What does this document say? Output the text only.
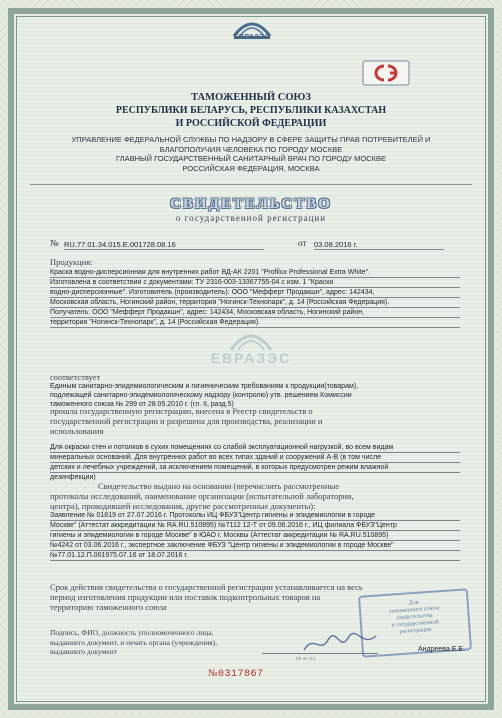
ЕВРАЗЭС
ТАМОЖЕННЫЙ СОЮЗ
РЕСПУБЛИКИ БЕЛАРУСЬ, РЕСПУБЛИКИ КАЗАХСТАН
И РОССИЙСКОЙ ФЕДЕРАЦИИ
УПРАВЛЕНИЕ ФЕДЕРАЛЬНОЙ СЛУЖБЫ ПО НАДЗОРУ В СФЕРЕ ЗАЩИТЫ ПРАВ ПОТРЕБИТЕЛЕЙ И
БЛАГОПОЛУЧИЯ ЧЕЛОВЕКА ПО ГОРОДУ МОСКВЕ
ГЛАВНЫЙ ГОСУДАРСТВЕННЫЙ САНИТАРНЫЙ ВРАЧ ПО ГОРОДУ МОСКВЕ
РОССИЙСКАЯ ФЕДЕРАЦИЯ, МОСКВА
СВИДЕТЕЛЬСТВО
о государственной регистрации
№ RU.77.01.34.015.E.001728.08.16	от 03.08.2016 г.
Продукция:
Краска водно-дисперсионная для внутренних работ ВД-АК 2201 "Profilux Professional Extra White".
Изготовлена в соответствии с документами: ТУ 2316-003-13367755-04 с изм. 1 "Краски
водно-дисперсионные". Изготовитель (производитель): ООО "Мефферт Продакшн", адрес: 142434,
Московская область, Ногинский район, территория "Ногинск-Технопарк", д. 14 (Российская Федерация).
Получатель: ООО "Мефферт Продакшн", адрес: 142434, Московская область, Ногинский район,
территория "Ногинск-Технопарк", д. 14 (Российская Федерация).
ЕВРАЗЭС
соответствует
Единым санитарно-эпидемиологическим и гигиеническим требованиям к продукции(товарам),
подлежащей санитарно-эпидемиологическому надзору (контролю) утв. решением Комиссии
таможенного союза № 299 от 28.05.2010 г. (гл. II, разд.5)
прошла государственную регистрацию, внесена в Реестр свидетельств о
государственной регистрации и разрешена для производства, реализации и
использования
Для окраски стен и потолков в сухих помещениях со слабой эксплуатационной нагрузкой, во всем видам
минеральных оснований. Для внутренних работ во всех типах зданий и сооружений А-В (в том числе
детских и лечебных учреждений, за исключением помещений, в которых предусмотрен режим влажной
дезинфекции)
Свидетельство выдано на основании (перечислить рассмотренные
протоколы исследований, наименование организации (испытательной лаборатории,
центра), проводившей исследования, другие рассмотренные документы):
Заявление № 01819 от 27.07.2016 г. Протоколы ИЦ ФБУЗ"Центр гигиены и эпидемиологии в городе
Москве" (Аттестат аккредитации № RA.RU.510895) №7112 12-Т от 09.06.2016 г., ИЦ филиала ФБУЗ"Центр
гигиены и эпидемиологии в городе Москве" в ЮАО г. Москвы (Аттестат аккредитации № RA.RU.510895)
№4242 от 03.06.2016 г., экспертное заключение ФБУЗ "Центр гигиены и эпидемиологии в городе Москве"
№77.01.12.П.001975.07.16 от 18.07.2016 г.
Срок действия свидетельства о государственной регистрации устанавливается на весь
период изготовления продукции или поставок подконтрольных товаров на
территорию таможенного союза
Подпись, ФИО, должность уполномоченного лица,
выдавшего документ, и печать органа (учреждения),
выдавшего документ
Для
таможенного союза
свидетельства
и государственной
регистрации
(Ф. И. О.)
Андреева Е.Е.
№0317867
